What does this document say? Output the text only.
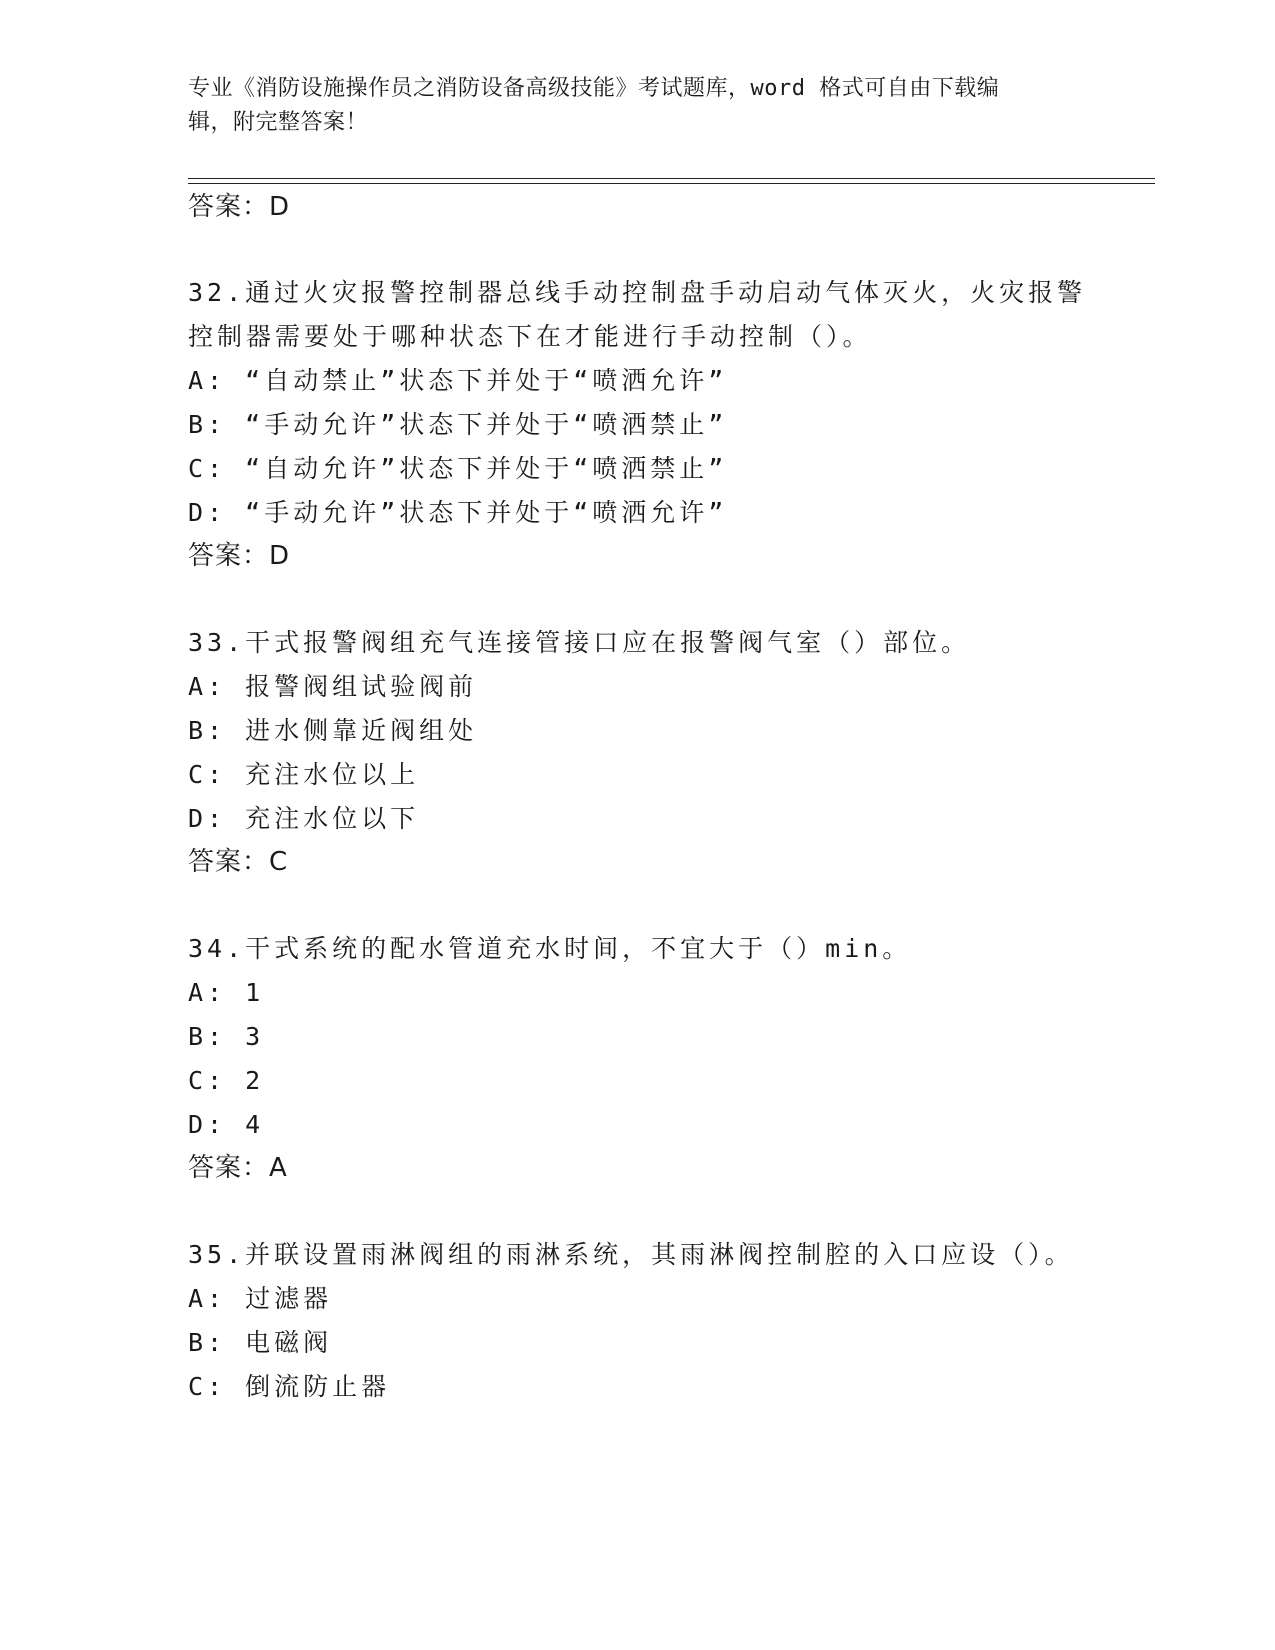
专业《消防设施操作员之消防设备高级技能》考试题库，word 格式可自由下载编
辑，附完整答案！
答案：D
32.通过火灾报警控制器总线手动控制盘手动启动气体灭火，火灾报警
控制器需要处于哪种状态下在才能进行手动控制（）。
A: “自动禁止”状态下并处于“喷洒允许”
B: “手动允许”状态下并处于“喷洒禁止”
C: “自动允许”状态下并处于“喷洒禁止”
D: “手动允许”状态下并处于“喷洒允许”
答案：D
33.干式报警阀组充气连接管接口应在报警阀气室（）部位。
A: 报警阀组试验阀前
B: 进水侧靠近阀组处
C: 充注水位以上
D: 充注水位以下
答案：C
34.干式系统的配水管道充水时间，不宜大于（）min。
A: 1
B: 3
C: 2
D: 4
答案：A
35.并联设置雨淋阀组的雨淋系统，其雨淋阀控制腔的入口应设（）。
A: 过滤器
B: 电磁阀
C: 倒流防止器
